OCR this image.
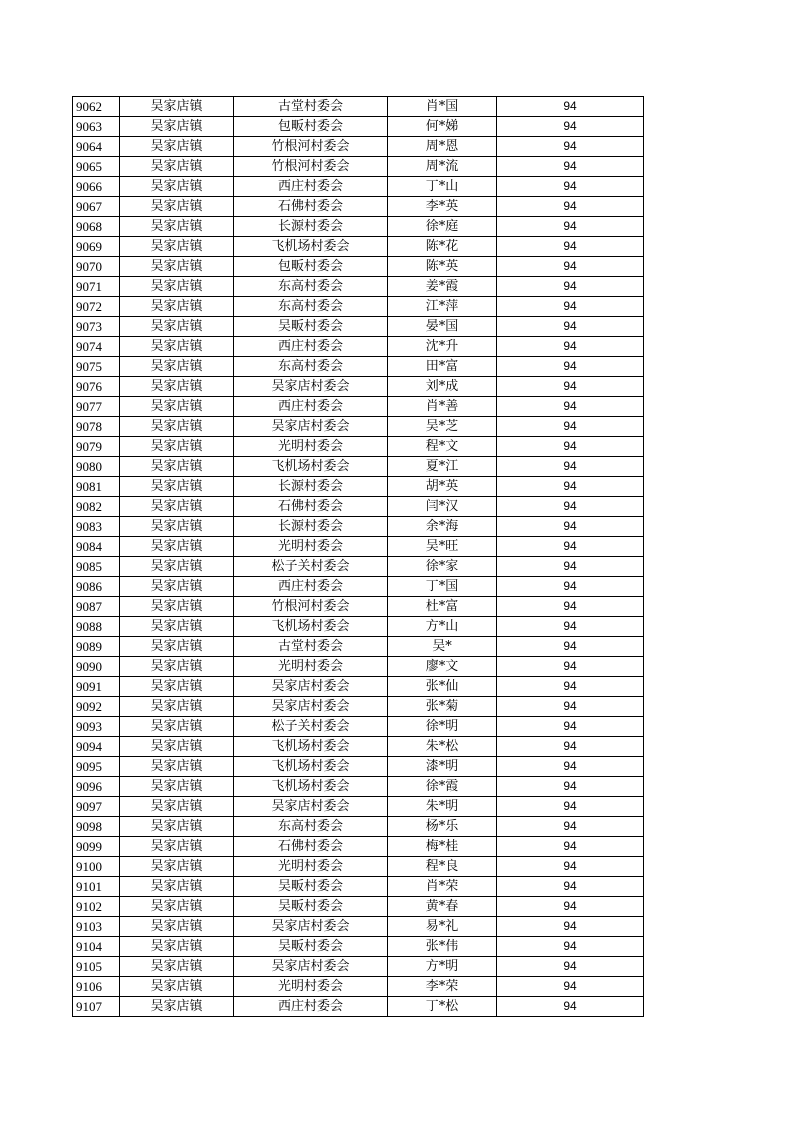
9062	吴家店镇	古堂村委会	肖*国	94
9063	吴家店镇	包畈村委会	何*娣	94
9064	吴家店镇	竹根河村委会	周*恩	94
9065	吴家店镇	竹根河村委会	周*流	94
9066	吴家店镇	西庄村委会	丁*山	94
9067	吴家店镇	石佛村委会	李*英	94
9068	吴家店镇	长源村委会	徐*庭	94
9069	吴家店镇	飞机场村委会	陈*花	94
9070	吴家店镇	包畈村委会	陈*英	94
9071	吴家店镇	东高村委会	姜*霞	94
9072	吴家店镇	东高村委会	江*萍	94
9073	吴家店镇	吴畈村委会	晏*国	94
9074	吴家店镇	西庄村委会	沈*升	94
9075	吴家店镇	东高村委会	田*富	94
9076	吴家店镇	吴家店村委会	刘*成	94
9077	吴家店镇	西庄村委会	肖*善	94
9078	吴家店镇	吴家店村委会	吴*芝	94
9079	吴家店镇	光明村委会	程*文	94
9080	吴家店镇	飞机场村委会	夏*江	94
9081	吴家店镇	长源村委会	胡*英	94
9082	吴家店镇	石佛村委会	闫*汉	94
9083	吴家店镇	长源村委会	余*海	94
9084	吴家店镇	光明村委会	吴*旺	94
9085	吴家店镇	松子关村委会	徐*家	94
9086	吴家店镇	西庄村委会	丁*国	94
9087	吴家店镇	竹根河村委会	杜*富	94
9088	吴家店镇	飞机场村委会	方*山	94
9089	吴家店镇	古堂村委会	吴*	94
9090	吴家店镇	光明村委会	廖*文	94
9091	吴家店镇	吴家店村委会	张*仙	94
9092	吴家店镇	吴家店村委会	张*菊	94
9093	吴家店镇	松子关村委会	徐*明	94
9094	吴家店镇	飞机场村委会	朱*松	94
9095	吴家店镇	飞机场村委会	漆*明	94
9096	吴家店镇	飞机场村委会	徐*霞	94
9097	吴家店镇	吴家店村委会	朱*明	94
9098	吴家店镇	东高村委会	杨*乐	94
9099	吴家店镇	石佛村委会	梅*桂	94
9100	吴家店镇	光明村委会	程*良	94
9101	吴家店镇	吴畈村委会	肖*荣	94
9102	吴家店镇	吴畈村委会	黄*春	94
9103	吴家店镇	吴家店村委会	易*礼	94
9104	吴家店镇	吴畈村委会	张*伟	94
9105	吴家店镇	吴家店村委会	方*明	94
9106	吴家店镇	光明村委会	李*荣	94
9107	吴家店镇	西庄村委会	丁*松	94
